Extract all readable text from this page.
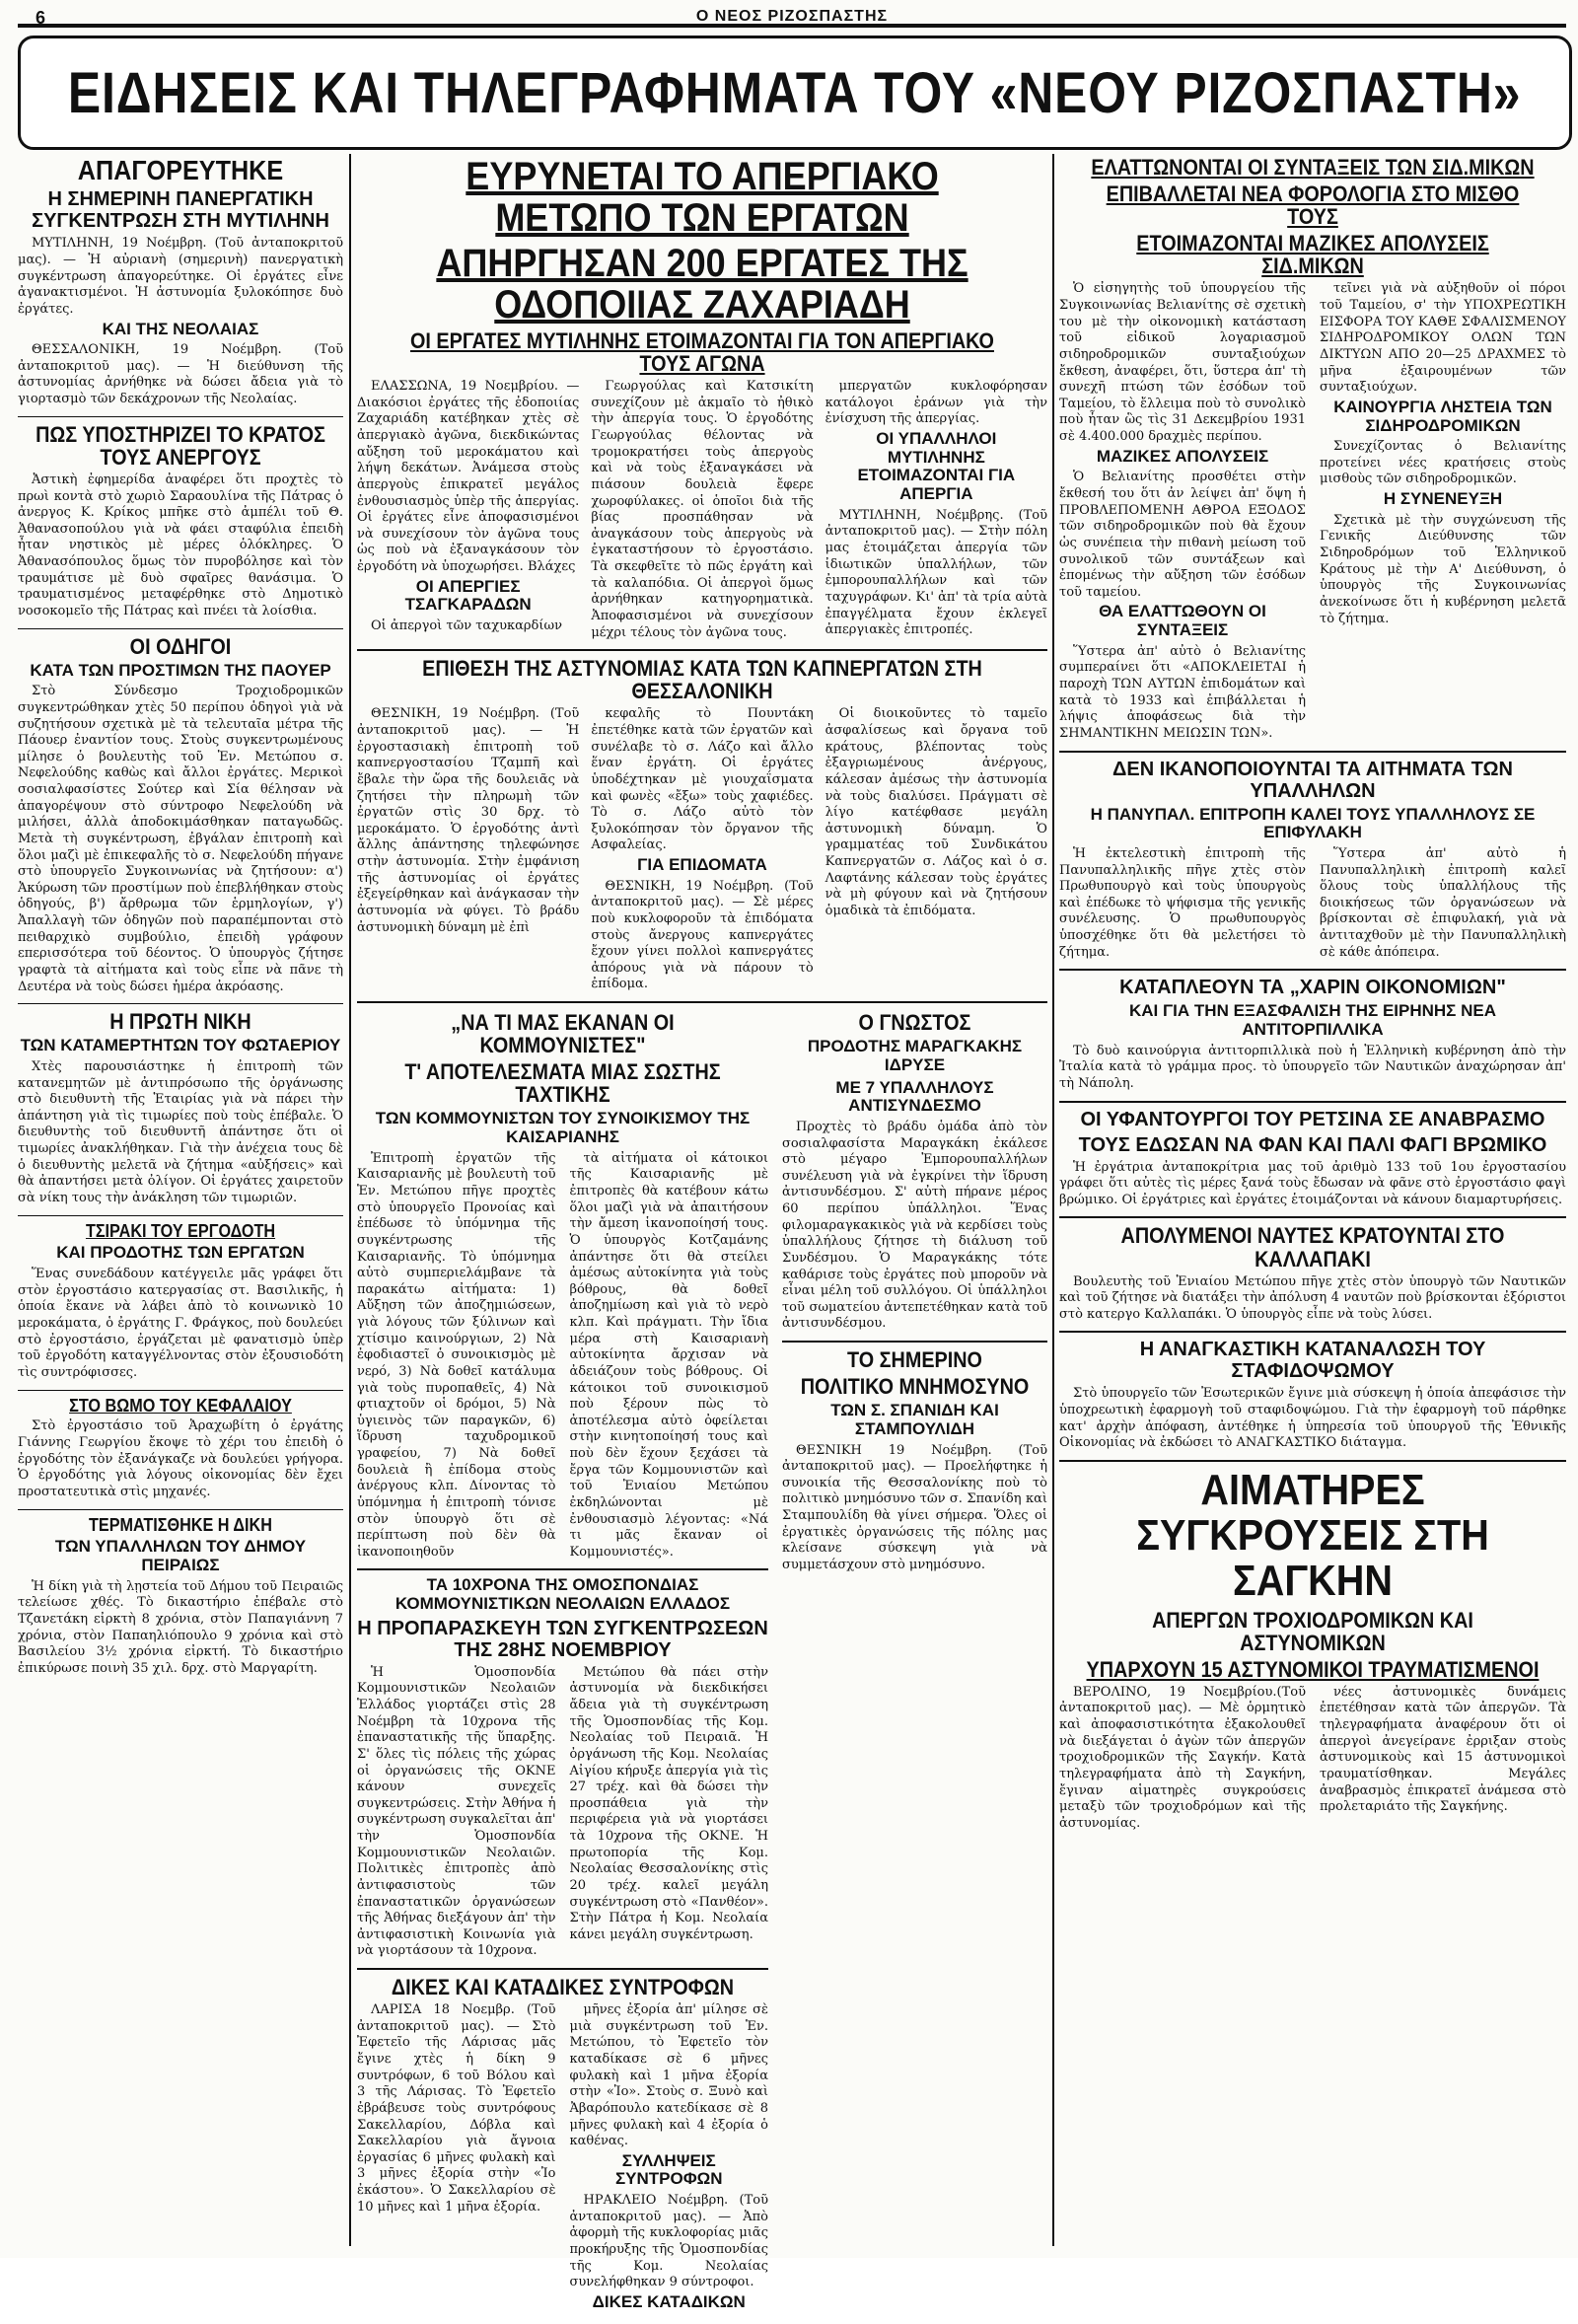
6	Ο ΝΕΟΣ ΡΙΖΟΣΠΑΣΤΗΣ
ΕΙΔΗΣΕΙΣ ΚΑΙ ΤΗΛΕΓΡΑΦΗΜΑΤΑ ΤΟΥ «ΝΕΟΥ ΡΙΖΟΣΠΑΣΤΗ»
ΑΠΑΓΟΡΕΥΤΗΚΕ
Η ΣΗΜΕΡΙΝΗ ΠΑΝΕΡΓΑΤΙΚΗ ΣΥΓΚΕΝΤΡΩΣΗ ΣΤΗ ΜΥΤΙΛΗΝΗ

ΜΥΤΙΛΗΝΗ, 19 Νοέμβρη. (Τοῦ ἀνταποκριτοῦ μας). — Ἡ αὐριανὴ (σημερινὴ) πανεργατικὴ συγκέντρωση ἀπαγορεύτηκε. Οἱ ἐργάτες εἶνε ἀγανακτισμένοι. Ἡ ἀστυνομία ξυλοκόπησε δυὸ ἐργάτες.

ΚΑΙ ΤΗΣ ΝΕΟΛΑΙΑΣ

ΘΕΣΣΑΛΟΝΙΚΗ, 19 Νοέμβρη. (Τοῦ ἀνταποκριτοῦ μας). — Ἡ διεύθυνση τῆς ἀστυνομίας ἀρνήθηκε νὰ δώσει ἄδεια γιὰ τὸ γιορτασμὸ τῶν δεκάχρονων τῆς Νεολαίας.

ΠΩΣ ΥΠΟΣΤΗΡΙΖΕΙ ΤΟ ΚΡΑΤΟΣ ΤΟΥΣ ΑΝΕΡΓΟΥΣ

Ἀστικὴ ἐφημερίδα ἀναφέρει ὅτι προχτὲς τὸ πρωὶ κοντὰ στὸ χωριὸ Σαραουλίνα τῆς Πάτρας ὁ ἀνεργος Κ. Κρίκος μπῆκε στὸ ἀμπέλι τοῦ Θ. Ἀθανασοπούλου γιὰ νὰ φάει σταφύλια ἐπειδὴ ἦταν νηστικὸς μὲ μέρες ὁλόκληρες. Ὁ Ἀθανασόπουλος ὅμως τὸν πυροβόλησε καὶ τὸν τραυμάτισε μὲ δυὸ σφαῖρες θανάσιμα. Ὁ τραυματισμένος μεταφέρθηκε στὸ Δημοτικὸ νοσοκομεῖο τῆς Πάτρας καὶ πνέει τὰ λοίσθια.

ΟΙ ΟΔΗΓΟΙ
ΚΑΤΑ ΤΩΝ ΠΡΟΣΤΙΜΩΝ ΤΗΣ ΠΑΟΥΕΡ

Στὸ Σύνδεσμο Τροχιοδρομικῶν συγκεντρώθηκαν χτὲς 50 περίπου ὁδηγοὶ γιὰ νὰ συζητήσουν σχετικὰ μὲ τὰ τελευταῖα μέτρα τῆς Πάουερ ἐναντίον τους. Στοὺς συγκεντρωμένους μίλησε ὁ βουλευτὴς τοῦ Ἑν. Μετώπου σ. Νεφελούδης καθὼς καὶ ἄλλοι ἐργάτες. Μερικοὶ σοσιαλφασίστες Σούτερ καὶ Σία θέλησαν νὰ ἀπαγορέψουν στὸ σύντροφο Νεφελούδη νὰ μιλήσει, ἀλλὰ ἀποδοκιμάσθηκαν παταγωδῶς. Μετὰ τὴ συγκέντρωση, ἐβγάλαν ἐπιτροπὴ καὶ ὅλοι μαζὶ μὲ ἐπικεφαλῆς τὸ σ. Νεφελούδη πήγανε στὸ ὑπουργεῖο Συγκοινωνίας νὰ ζητήσουν: α') Ἀκύρωση τῶν προστίμων ποὺ ἐπεβλήθηκαν στοὺς ὁδηγούς, β') ἄρθρωμα τῶν ἑρμηλογίων, γ') Ἀπαλλαγὴ τῶν ὁδηγῶν ποὺ παραπέμπονται στὸ πειθαρχικὸ συμβούλιο, ἐπειδὴ γράφουν επερισσότερα τοῦ δέοντος. Ὁ ὑπουργὸς ζήτησε γραφτὰ τὰ αἰτήματα καὶ τοὺς εἶπε νὰ πᾶνε τὴ Δευτέρα νὰ τοὺς δώσει ἡμέρα ἀκρόασης.

Η ΠΡΩΤΗ ΝΙΚΗ
ΤΩΝ ΚΑΤΑΜΕΡΤΗΤΩΝ ΤΟΥ ΦΩΤΑΕΡΙΟΥ

Χτὲς παρουσιάστηκε ἡ ἐπιτροπὴ τῶν κατανεμητῶν μὲ ἀντιπρόσωπο τῆς ὀργάνωσης στὸ διευθυντὴ τῆς Ἑταιρίας γιὰ νὰ πάρει τὴν ἀπάντηση γιὰ τὶς τιμωρίες ποὺ τοὺς ἐπέβαλε. Ὁ διευθυντὴς τοῦ διευθυντῆ ἀπάντησε ὅτι οἱ τιμωρίες ἀνακλήθηκαν. Γιὰ τὴν ἀνέχεια τους δὲ ὁ διευθυντὴς μελετᾶ νὰ ζήτημα «αὐξήσεις» καὶ θὰ ἀπαντήσει μετὰ ὀλίγον. Οἱ ἐργάτες χαιρετοῦν σὰ νίκη τους τὴν ἀνάκληση τῶν τιμωριῶν.

ΤΣΙΡΑΚΙ ΤΟΥ ΕΡΓΟΔΟΤΗ
ΚΑΙ ΠΡΟΔΟΤΗΣ ΤΩΝ ΕΡΓΑΤΩΝ

Ἕνας συνεδάδουν κατέγγειλε μᾶς γράφει ὅτι στὸν ἐργοστάσιο κατεργασίας στ. Βασιλικῆς, ἡ ὁποία ἔκανε νὰ λάβει ἀπὸ τὸ κοινωνικὸ 10 μεροκάματα, ὁ ἐργάτης Γ. Φράγκος, ποὺ δουλεύει στὸ ἐργοστάσιο, ἐργάζεται μὲ φανατισμὸ ὑπὲρ τοῦ ἐργοδότη καταγγέλνοντας στὸν ἐξουσιοδότη τὶς συντρόφισσες.

ΣΤΟ ΒΩΜΟ ΤΟΥ ΚΕΦΑΛΑΙΟΥ

Στὸ ἐργοστάσιο τοῦ Ἀραχωβίτη ὁ ἐργάτης Γιάννης Γεωργίου ἔκοψε τὸ χέρι του ἐπειδὴ ὁ ἐργοδότης τὸν ἐξανάγκαζε νὰ δουλεύει γρήγορα. Ὁ ἐργοδότης γιὰ λόγους οἰκονομίας δὲν ἔχει προστατευτικὰ στὶς μηχανές.

ΤΕΡΜΑΤΙΣΘΗΚΕ Η ΔΙΚΗ
ΤΩΝ ΥΠΑΛΛΗΛΩΝ ΤΟΥ ΔΗΜΟΥ ΠΕΙΡΑΙΩΣ

Ἡ δίκη γιὰ τὴ λῃστεία τοῦ Δήμου τοῦ Πειραιῶς τελείωσε χθές. Τὸ δικαστήριο ἐπέβαλε στὸ Τζανετάκη εἰρκτὴ 8 χρόνια, στὸν Παπαγιάννη 7 χρόνια, στὸν Παπαηλιόπουλο 9 χρόνια καὶ στὸ Βασιλείου 3½ χρόνια εἰρκτή. Τὸ δικαστήριο ἐπικύρωσε ποινὴ 35 χιλ. δρχ. στὸ Μαργαρίτη.

ΕΥΡΥΝΕΤΑΙ ΤΟ ΑΠΕΡΓΙΑΚΟ ΜΕΤΩΠΟ ΤΩΝ ΕΡΓΑΤΩΝ
ΑΠΗΡΓΗΣΑΝ 200 ΕΡΓΑΤΕΣ ΤΗΣ ΟΔΟΠΟΙΙΑΣ ΖΑΧΑΡΙΑΔΗ
ΟΙ ΕΡΓΑΤΕΣ ΜΥΤΙΛΗΝΗΣ ΕΤΟΙΜΑΖΟΝΤΑΙ ΓΙΑ ΤΟΝ ΑΠΕΡΓΙΑΚΟ ΤΟΥΣ ΑΓΩΝΑ

ΕΛΑΣΣΩΝΑ, 19 Νοεμβρίου. — Διακόσιοι ἐργάτες τῆς ἐδοποιίας Ζαχαριάδη κατέβηκαν χτὲς σὲ ἀπεργιακὸ ἀγῶνα, διεκδικώντας αὔξηση τοῦ μεροκάματου καὶ λήψη δεκάτων. Ἀνάμεσα στοὺς ἀπεργοὺς ἐπικρατεῖ μεγάλος ἐνθουσιασμὸς ὑπὲρ τῆς ἀπεργίας. Οἱ ἐργάτες εἶνε ἀποφασισμένοι νὰ συνεχίσουν τὸν ἀγῶνα τους ὡς ποὺ νὰ ἐξαναγκάσουν τὸν ἐργοδότη νὰ ὑποχωρήσει. Βλάχες

ΟΙ ΑΠΕΡΓΙΕΣ ΤΣΑΓΚΑΡΑΔΩΝ

Οἱ ἀπεργοὶ τῶν ταχυκαρδίων

Γεωργούλας καὶ Κατσικίτη συνεχίζουν μὲ ἀκμαῖο τὸ ἠθικὸ τὴν ἀπεργία τους. Ὁ ἐργοδότης Γεωργούλας θέλοντας νὰ τρομοκρατήσει τοὺς ἀπεργοὺς καὶ νὰ τοὺς ἐξαναγκάσει νὰ πιάσουν δουλειὰ ἔφερε χωροφύλακες. οἱ ὁποῖοι διὰ τῆς βίας προσπάθησαν νὰ ἀναγκάσουν τοὺς ἀπεργοὺς νὰ ἐγκαταστήσουν τὸ ἐργοστάσιο. Τὰ σκεφθεῖτε τὸ πῶς ἐργάτη καὶ τὰ καλαπόδια. Οἱ ἀπεργοὶ ὅμως ἀρνήθηκαν κατηγορηματικὰ. Ἀποφασισμένοι νὰ συνεχίσουν μέχρι τέλους τὸν ἀγῶνα τους.

μπεργατῶν κυκλοφόρησαν κατάλογοι ἐράνων γιὰ τὴν ἐνίσχυση τῆς ἀπεργίας.

ΟΙ ΥΠΑΛΛΗΛΟΙ ΜΥΤΙΛΗΝΗΣ ΕΤΟΙΜΑΖΟΝΤΑΙ ΓΙΑ ΑΠΕΡΓΙΑ

ΜΥΤΙΛΗΝΗ, Νοέμβρης. (Τοῦ ἀνταποκριτοῦ μας). — Στὴν πόλη μας ἑτοιμάζεται ἀπεργία τῶν ἰδιωτικῶν ὑπαλλήλων, τῶν ἐμπορουπαλλήλων καὶ τῶν ταχυγράφων. Κι' ἀπ' τὰ τρία αὐτὰ ἐπαγγέλματα ἔχουν ἐκλεγεῖ ἀπεργιακὲς ἐπιτροπές.

ΕΠΙΘΕΣΗ ΤΗΣ ΑΣΤΥΝΟΜΙΑΣ ΚΑΤΑ ΤΩΝ ΚΑΠΝΕΡΓΑΤΩΝ ΣΤΗ ΘΕΣΣΑΛΟΝΙΚΗ

ΘΕΣΝΙΚΗ, 19 Νοέμβρη. (Τοῦ ἀνταποκριτοῦ μας). — Ἡ ἐργοστασιακὴ ἐπιτροπὴ τοῦ καπνεργοστασίου Τζαμπῆ καὶ ἔβαλε τὴν ὥρα τῆς δουλειᾶς νὰ ζητήσει τὴν πληρωμὴ τῶν ἐργατῶν στὶς 30 δρχ. τὸ μεροκάματο. Ὁ ἐργοδότης ἀντὶ ἄλλης ἀπάντησης τηλεφώνησε στὴν ἀστυνομία. Στὴν ἐμφάνιση τῆς ἀστυνομίας οἱ ἐργάτες ἐξεγείρθηκαν καὶ ἀνάγκασαν τὴν ἀστυνομία νὰ φύγει. Τὸ βράδυ ἀστυνομικὴ δύναμη μὲ ἐπὶ

κεφαλῆς τὸ Πουντάκη ἐπετέθηκε κατὰ τῶν ἐργατῶν καὶ συνέλαβε τὸ σ. Λάζο καὶ ἄλλο ἕναν ἐργάτη. Οἱ ἐργάτες ὑποδέχτηκαν μὲ γιουχαΐσματα καὶ φωνὲς «ἔξω» τοὺς χαφιέδες. Τὸ σ. Λάζο αὐτὸ τὸν ξυλοκόπησαν τὸν ὄργανον τῆς Ασφαλείας.

ΓΙΑ ΕΠΙΔΟΜΑΤΑ

ΘΕΣΝΙΚΗ, 19 Νοέμβρη. (Τοῦ ἀνταποκριτοῦ μας). — Σὲ μέρες ποὺ κυκλοφοροῦν τὰ ἐπιδόματα στοὺς ἄνεργους καπνεργάτες ἔχουν γίνει πολλοὶ καπνεργάτες ἀπόρους γιὰ νὰ πάρουν τὸ ἐπίδομα.

Οἱ διοικοῦντες τὸ ταμεῖο ἀσφαλίσεως καὶ ὄργανα τοῦ κράτους, βλέποντας τοὺς ἐξαγριωμένους ἀνέργους, κάλεσαν ἀμέσως τὴν ἀστυνομία νὰ τοὺς διαλύσει. Πράγματι σὲ λίγο κατέφθασε μεγάλη ἀστυνομικὴ δύναμη. Ὁ γραμματέας τοῦ Συνδικάτου Καπνεργατῶν σ. Λάζος καὶ ὁ σ. Λαφτάνης κάλεσαν τοὺς ἐργάτες νὰ μὴ φύγουν καὶ νὰ ζητήσουν ὁμαδικὰ τὰ ἐπιδόματα.

„ΝΑ ΤΙ ΜΑΣ ΕΚΑΝΑΝ ΟΙ ΚΟΜΜΟΥΝΙΣΤΕΣ"
Τ' ΑΠΟΤΕΛΕΣΜΑΤΑ ΜΙΑΣ ΣΩΣΤΗΣ ΤΑΧΤΙΚΗΣ
ΤΩΝ ΚΟΜΜΟΥΝΙΣΤΩΝ ΤΟΥ ΣΥΝΟΙΚΙΣΜΟΥ ΤΗΣ ΚΑΙΣΑΡΙΑΝΗΣ

Ἐπιτροπὴ ἐργατῶν τῆς Καισαριανῆς μὲ βουλευτὴ τοῦ Ἑν. Μετώπου πῆγε προχτὲς στὸ ὑπουργεῖο Προνοίας καὶ ἐπέδωσε τὸ ὑπόμνημα τῆς συγκέντρωσης τῆς Καισαριανῆς. Τὸ ὑπόμνημα αὐτὸ συμπεριελάμβανε τὰ παρακάτω αἰτήματα: 1) Αὔξηση τῶν ἀποζημιώσεων, γιὰ λόγους τῶν ξύλινων καὶ χτίσιμο καινούργιων, 2) Νὰ ἐφοδιαστεῖ ὁ συνοικισμὸς μὲ νερό, 3) Νὰ δοθεῖ κατάλυμα γιὰ τοὺς πυροπαθεῖς, 4) Νὰ φτιαχτοῦν οἱ δρόμοι, 5) Νὰ ὑγιεινὸς τῶν παραγκῶν, 6) ἵδρυση ταχυδρομικοῦ γραφείου, 7) Νὰ δοθεῖ δουλειὰ ἢ ἐπίδομα στοὺς ἀνέργους κλπ. Δίνοντας τὸ ὑπόμνημα ἡ ἐπιτροπὴ τόνισε στὸν ὑπουργὸ ὅτι σὲ περίπτωση ποὺ δὲν θὰ ἱκανοποιηθοῦν

τὰ αἰτήματα οἱ κάτοικοι τῆς Καισαριανῆς μὲ ἐπιτροπὲς θὰ κατέβουν κάτω ὅλοι μαζὶ γιὰ νὰ ἀπαιτήσουν τὴν ἄμεση ἱκανοποίησή τους. Ὁ ὑπουργὸς Κοτζαμάνης ἀπάντησε ὅτι θὰ στείλει ἀμέσως αὐτοκίνητα γιὰ τοὺς βόθρους, θὰ δοθεῖ ἀποζημίωση καὶ γιὰ τὸ νερὸ κλπ. Καὶ πράγματι. Τὴν ἴδια μέρα στὴ Καισαριανὴ αὐτοκίνητα ἄρχισαν νὰ ἀδειάζουν τοὺς βόθρους. Οἱ κάτοικοι τοῦ συνοικισμοῦ ποὺ ξέρουν πὼς τὸ ἀποτέλεσμα αὐτὸ ὀφείλεται στὴν κινητοποίησή τους καὶ ποὺ δὲν ἔχουν ξεχάσει τὰ ἔργα τῶν Κομμουνιστῶν καὶ τοῦ Ἑνιαίου Μετώπου ἐκδηλώνονται μὲ ἐνθουσιασμὸ λέγοντας: «Νά τι μᾶς ἔκαναν οἱ Κομμουνιστές».

ΤΑ 10ΧΡΟΝΑ ΤΗΣ ΟΜΟΣΠΟΝΔΙΑΣ ΚΟΜΜΟΥΝΙΣΤΙΚΩΝ ΝΕΟΛΑΙΩΝ ΕΛΛΑΔΟΣ
Η ΠΡΟΠΑΡΑΣΚΕΥΗ ΤΩΝ ΣΥΓΚΕΝΤΡΩΣΕΩΝ ΤΗΣ 28ΗΣ ΝΟΕΜΒΡΙΟΥ

Ἡ Ὁμοσπονδία Κομμουνιστικῶν Νεολαιῶν Ἑλλάδος γιορτάζει στὶς 28 Νοέμβρη τὰ 10χρονα τῆς ἐπαναστατικῆς τῆς ὕπαρξης. Σ' ὅλες τὶς πόλεις τῆς χώρας οἱ ὀργανώσεις τῆς ΟΚΝΕ κάνουν συνεχεῖς συγκεντρώσεις. Στὴν Ἀθήνα ἡ συγκέντρωση συγκαλεῖται ἀπ' τὴν Ὁμοσπονδία Κομμουνιστικῶν Νεολαιῶν. Πολιτικὲς ἐπιτροπὲς ἀπὸ ἀντιφασιστοὺς τῶν ἐπαναστατικῶν ὀργανώσεων τῆς Ἀθήνας διεξάγουν ἀπ' τὴν ἀντιφασιστικὴ Κοινωνία γιὰ νὰ γιορτάσουν τὰ 10χρονα.

Μετώπου θὰ πάει στὴν ἀστυνομία νὰ διεκδικήσει ἄδεια γιὰ τὴ συγκέντρωση τῆς Ὁμοσπονδίας τῆς Κομ. Νεολαίας τοῦ Πειραιᾶ. Ἡ ὀργάνωση τῆς Κομ. Νεολαίας Αἰγίου κήρυξε ἀπεργία γιὰ τὶς 27 τρέχ. καὶ θὰ δώσει τὴν προσπάθεια γιὰ τὴν περιφέρεια γιὰ νὰ γιορτάσει τὰ 10χρονα τῆς ΟΚΝΕ. Ἡ πρωτοπορία τῆς Κομ. Νεολαίας Θεσσαλονίκης στὶς 20 τρέχ. καλεῖ μεγάλη συγκέντρωση στὸ «Πανθέον». Στὴν Πάτρα ἡ Κομ. Νεολαία κάνει μεγάλη συγκέντρωση.

ΔΙΚΕΣ ΚΑΙ ΚΑΤΑΔΙΚΕΣ ΣΥΝΤΡΟΦΩΝ

ΛΑΡΙΣΑ 18 Νοεμβρ. (Τοῦ ἀνταποκριτοῦ μας). — Στὸ Ἐφετεῖο τῆς Λάρισας μᾶς ἔγινε χτὲς ἡ δίκη 9 συντρόφων, 6 τοῦ Βόλου καὶ 3 τῆς Λάρισας. Τὸ Ἐφετεῖο ἐβράβευσε τοὺς συντρόφους Σακελλαρίου, Δόβλα καὶ Σακελλαρίου γιὰ ἄγνοια ἐργασίας 6 μῆνες φυλακὴ καὶ 3 μῆνες ἐξορία στὴν «Ἰο ἐκάστου». Ὁ Σακελλαρίου σὲ 10 μῆνες καὶ 1 μῆνα ἐξορία.

μῆνες ἐξορία ἀπ' μίλησε σὲ μιὰ συγκέντρωση τοῦ Ἑν. Μετώπου, τὸ Ἐφετεῖο τὸν καταδίκασε σὲ 6 μῆνες φυλακὴ καὶ 1 μῆνα ἐξορία στὴν «Ἰο». Στοὺς σ. Ξυνὸ καὶ Ἀβαρόπουλο κατεδίκασε σὲ 8 μῆνες φυλακὴ καὶ 4 ἐξορία ὁ καθένας.

ΣΥΛΛΗΨΕΙΣ ΣΥΝΤΡΟΦΩΝ

ΗΡΑΚΛΕΙΟ Νοέμβρη. (Τοῦ ἀνταποκριτοῦ μας). — Ἀπὸ ἀφορμὴ τῆς κυκλοφορίας μιᾶς προκήρυξης τῆς Ὁμοσπονδίας τῆς Κομ. Νεολαίας συνελήφθηκαν 9 σύντροφοι.

ΔΙΚΕΣ ΚΑΤΑΔΙΚΩΝ
Ο ΓΝΩΣΤΟΣ
ΠΡΟΔΟΤΗΣ ΜΑΡΑΓΚΑΚΗΣ ΙΔΡΥΣΕ
ΜΕ 7 ΥΠΑΛΛΗΛΟΥΣ ΑΝΤΙΣΥΝΔΕΣΜΟ

Προχτὲς τὸ βράδυ ὁμάδα ἀπὸ τὸν σοσιαλφασίστα Μαραγκάκη ἐκάλεσε στὸ μέγαρο Ἐμπορουπαλλήλων συνέλευση γιὰ νὰ ἐγκρίνει τὴν ἵδρυση ἀντισυνδέσμου. Σ' αὐτὴ πήρανε μέρος 60 περίπου ὑπάλληλοι. Ἕνας φιλομαραγκακικὸς γιὰ νὰ κερδίσει τοὺς ὑπαλλήλους ζήτησε τὴ διάλυση τοῦ Συνδέσμου. Ὁ Μαραγκάκης τότε καθάρισε τοὺς ἐργάτες ποὺ μποροῦν νὰ εἶναι μέλη τοῦ συλλόγου. Οἱ ὑπάλληλοι τοῦ σωματείου ἀντεπετέθηκαν κατὰ τοῦ ἀντισυνδέσμου.

ΤΟ ΣΗΜΕΡΙΝΟ
ΠΟΛΙΤΙΚΟ ΜΝΗΜΟΣΥΝΟ
ΤΩΝ Σ. ΣΠΑΝΙΔΗ ΚΑΙ ΣΤΑΜΠΟΥΛΙΔΗ

ΘΕΣΝΙΚΗ 19 Νοέμβρη. (Τοῦ ἀνταποκριτοῦ μας). — Προελήφτηκε ἡ συνοικία τῆς Θεσσαλονίκης ποὺ τὸ πολιτικὸ μνημόσυνο τῶν σ. Σπανίδη καὶ Σταμπουλίδη θὰ γίνει σήμερα. Ὅλες οἱ ἐργατικὲς ὀργανώσεις τῆς πόλης μας κλείσανε σύσκεψη γιὰ νὰ συμμετάσχουν στὸ μνημόσυνο.

ΕΛΑΤΤΩΝΟΝΤΑΙ ΟΙ ΣΥΝΤΑΞΕΙΣ ΤΩΝ ΣΙΔ.ΜΙΚΩΝ
ΕΠΙΒΑΛΛΕΤΑΙ ΝΕΑ ΦΟΡΟΛΟΓΙΑ ΣΤΟ ΜΙΣΘΟ ΤΟΥΣ
ΕΤΟΙΜΑΖΟΝΤΑΙ ΜΑΖΙΚΕΣ ΑΠΟΛΥΣΕΙΣ ΣΙΔ.ΜΙΚΩΝ

Ὁ εἰσηγητὴς τοῦ ὑπουργείου τῆς Συγκοινωνίας Βελιανίτης σὲ σχετικὴ του μὲ τὴν οἰκονομικὴ κατάσταση τοῦ εἰδικοῦ λογαριασμοῦ σιδηροδρομικῶν συνταξιούχων ἔκθεση, ἀναφέρει, ὅτι, ὕστερα ἀπ' τὴ συνεχῆ πτώση τῶν ἐσόδων τοῦ Ταμείου, τὸ ἔλλειμα ποὺ τὸ συνολικὸ ποὺ ἦταν ὣς τὶς 31 Δεκεμβρίου 1931 σὲ 4.400.000 δραχμὲς περίπου.

ΜΑΖΙΚΕΣ ΑΠΟΛΥΣΕΙΣ

Ὁ Βελιανίτης προσθέτει στὴν ἔκθεσή του ὅτι ἀν λείψει ἀπ' ὅψη ἡ ΠΡΟΒΛΕΠΟΜΕΝΗ ΑΘΡΟΑ ΕΞΟΔΟΣ τῶν σιδηροδρομικῶν ποὺ θὰ ἔχουν ὡς συνέπεια τὴν πιθανὴ μείωση τοῦ συνολικοῦ τῶν συντάξεων καὶ ἐπομένως τὴν αὔξηση τῶν ἐσόδων τοῦ ταμείου.

ΘΑ ΕΛΑΤΤΩΘΟΥΝ ΟΙ ΣΥΝΤΑΞΕΙΣ

Ὕστερα ἀπ' αὐτὸ ὁ Βελιανίτης συμπεραίνει ὅτι «ΑΠΟΚΛΕΙΕΤΑΙ ἡ παροχὴ ΤΩΝ ΑΥΤΩΝ ἐπιδομάτων καὶ κατὰ τὸ 1933 καὶ ἐπιβάλλεται ἡ λήψις ἀποφάσεως διὰ τὴν ΣΗΜΑΝΤΙΚΗΝ ΜΕΙΩΣΙΝ ΤΩΝ».

τεῖνει γιὰ νὰ αὐξηθοῦν οἱ πόροι τοῦ Ταμείου, σ' τὴν ΥΠΟΧΡΕΩΤΙΚΗ ΕΙΣΦΟΡΑ ΤΟΥ ΚΑΘΕ ΣΦΑΛΙΣΜΕΝΟΥ ΣΙΔΗΡΟΔΡΟΜΙΚΟΥ ΟΛΩΝ ΤΩΝ ΔΙΚΤΥΩΝ ΑΠΟ 20—25 ΔΡΑΧΜΕΣ τὸ μῆνα ἐξαιρουμένων τῶν συνταξιούχων.

ΚΑΙΝΟΥΡΓΙΑ ΛΗΣΤΕΙΑ ΤΩΝ ΣΙΔΗΡΟΔΡΟΜΙΚΩΝ

Συνεχίζοντας ὁ Βελιανίτης προτείνει νέες κρατήσεις στοὺς μισθοὺς τῶν σιδηροδρομικῶν.

Η ΣΥΝΕΝΕΥΞΗ

Σχετικὰ μὲ τὴν συγχώνευση τῆς Γενικῆς Διεύθυνσης τῶν Σιδηροδρόμων τοῦ Ἑλληνικοῦ Κράτους μὲ τὴν Α' Διεύθυνση, ὁ ὑπουργὸς τῆς Συγκοινωνίας ἀνεκοίνωσε ὅτι ἡ κυβέρνηση μελετᾶ τὸ ζήτημα.

ΔΕΝ ΙΚΑΝΟΠΟΙΟΥΝΤΑΙ ΤΑ ΑΙΤΗΜΑΤΑ ΤΩΝ ΥΠΑΛΛΗΛΩΝ
Η ΠΑΝΥΠΑΛ. ΕΠΙΤΡΟΠΗ ΚΑΛΕΙ ΤΟΥΣ ΥΠΑΛΛΗΛΟΥΣ ΣΕ ΕΠΙΦΥΛΑΚΗ

Ἡ ἐκτελεστικὴ ἐπιτροπὴ τῆς Πανυπαλληλικῆς πῆγε χτὲς στὸν Πρωθυπουργὸ καὶ τοὺς ὑπουργοὺς καὶ ἐπέδωκε τὸ ψήφισμα τῆς γενικῆς συνέλευσης. Ὁ πρωθυπουργὸς ὑποσχέθηκε ὅτι θὰ μελετήσει τὸ ζήτημα.

Ὕστερα ἀπ' αὐτὸ ἡ Πανυπαλληλικὴ ἐπιτροπὴ καλεῖ ὅλους τοὺς ὑπαλλήλους τῆς διοικήσεως τῶν ὀργανώσεων νὰ βρίσκονται σὲ ἐπιφυλακή, γιὰ νὰ ἀντιταχθοῦν μὲ τὴν Πανυπαλληλικὴ σὲ κάθε ἀπόπειρα.

ΚΑΤΑΠΛΕΟΥΝ ΤΑ „ΧΑΡΙΝ ΟΙΚΟΝΟΜΙΩΝ"
ΚΑΙ ΓΙΑ ΤΗΝ ΕΞΑΣΦΑΛΙΣΗ ΤΗΣ ΕΙΡΗΝΗΣ ΝΕΑ ΑΝΤΙΤΟΡΠΙΛΛΙΚΑ

Τὸ δυὸ καινούργια ἀντιτορπιλλικὰ ποὺ ἡ Ἑλληνικὴ κυβέρνηση ἀπὸ τὴν Ἰταλία κατὰ τὸ γράμμα προς. τὸ ὑπουργεῖο τῶν Ναυτικῶν ἀναχώρησαν ἀπ' τὴ Νάπολη.

ΟΙ ΥΦΑΝΤΟΥΡΓΟΙ ΤΟΥ ΡΕΤΣΙΝΑ ΣΕ ΑΝΑΒΡΑΣΜΟ
ΤΟΥΣ ΕΔΩΣΑΝ ΝΑ ΦΑΝ ΚΑΙ ΠΑΛΙ ΦΑΓΙ ΒΡΩΜΙΚΟ

Ἡ ἐργάτρια ἀνταποκρίτρια μας τοῦ ἀριθμὸ 133 τοῦ 1ου ἐργοστασίου γράφει ὅτι αὐτὲς τὶς μέρες ξανά τοὺς ἔδωσαν νὰ φᾶνε στὸ ἐργοστάσιο φαγὶ βρώμικο. Οἱ ἐργάτριες καὶ ἐργάτες ἑτοιμάζονται νὰ κάνουν διαμαρτυρήσεις.

ΑΠΟΛΥΜΕΝΟΙ ΝΑΥΤΕΣ ΚΡΑΤΟΥΝΤΑΙ ΣΤΟ ΚΑΛΛΑΠΑΚΙ

Βουλευτὴς τοῦ Ἑνιαίου Μετώπου πῆγε χτὲς στὸν ὑπουργὸ τῶν Ναυτικῶν καὶ τοῦ ζήτησε νὰ διατάξει τὴν ἀπόλυση 4 ναυτῶν ποὺ βρίσκονται ἐξόριστοι στὸ κατεργο Καλλαπάκι. Ὁ ὑπουργὸς εἶπε νὰ τοὺς λύσει.

Η ΑΝΑΓΚΑΣΤΙΚΗ ΚΑΤΑΝΑΛΩΣΗ ΤΟΥ ΣΤΑΦΙΔΟΨΩΜΟΥ

Στὸ ὑπουργεῖο τῶν Ἐσωτερικῶν ἔγινε μιὰ σύσκεψη ἡ ὁποία ἀπεφάσισε τὴν ὑποχρεωτικὴ ἐφαρμογὴ τοῦ σταφιδοψώμου. Γιὰ τὴν ἐφαρμογὴ τοῦ πάρθηκε κατ' ἀρχὴν ἀπόφαση, ἀντέθηκε ἡ ὑπηρεσία τοῦ ὑπουργοῦ τῆς Ἐθνικῆς Οἰκονομίας νὰ ἐκδώσει τὸ ΑΝΑΓΚΑΣΤΙΚΟ διάταγμα.

ΑΙΜΑΤΗΡΕΣ ΣΥΓΚΡΟΥΣΕΙΣ ΣΤΗ ΣΑΓΚΗΝ
ΑΠΕΡΓΩΝ ΤΡΟΧΙΟΔΡΟΜΙΚΩΝ ΚΑΙ ΑΣΤΥΝΟΜΙΚΩΝ
ΥΠΑΡΧΟΥΝ 15 ΑΣΤΥΝΟΜΙΚΟΙ ΤΡΑΥΜΑΤΙΣΜΕΝΟΙ

ΒΕΡΟΛΙΝΟ, 19 Νοεμβρίου.(Τοῦ ἀνταποκριτοῦ μας). — Μὲ ὁρμητικὸ καὶ ἀποφασιστικότητα ἐξακολουθεῖ νὰ διεξάγεται ὁ ἀγὼν τῶν ἀπεργῶν τροχιοδρομικῶν τῆς Σαγκήν. Κατὰ τηλεγραφήματα ἀπὸ τὴ Σαγκήνη, ἔγιναν αἱματηρὲς συγκρούσεις μεταξὺ τῶν τροχιοδρόμων καὶ τῆς ἀστυνομίας.

νέες ἀστυνομικὲς δυνάμεις ἐπετέθησαν κατὰ τῶν ἀπεργῶν. Τὰ τηλεγραφήματα ἀναφέρουν ὅτι οἱ ἀπεργοὶ ἀνεγείρανε ἐρριξαν στοὺς ἀστυνομικοὺς καὶ 15 ἀστυνομικοὶ τραυματίσθηκαν. Μεγάλες ἀναβρασμὸς ἐπικρατεῖ ἀνάμεσα στὸ προλεταριάτο τῆς Σαγκήνης.
